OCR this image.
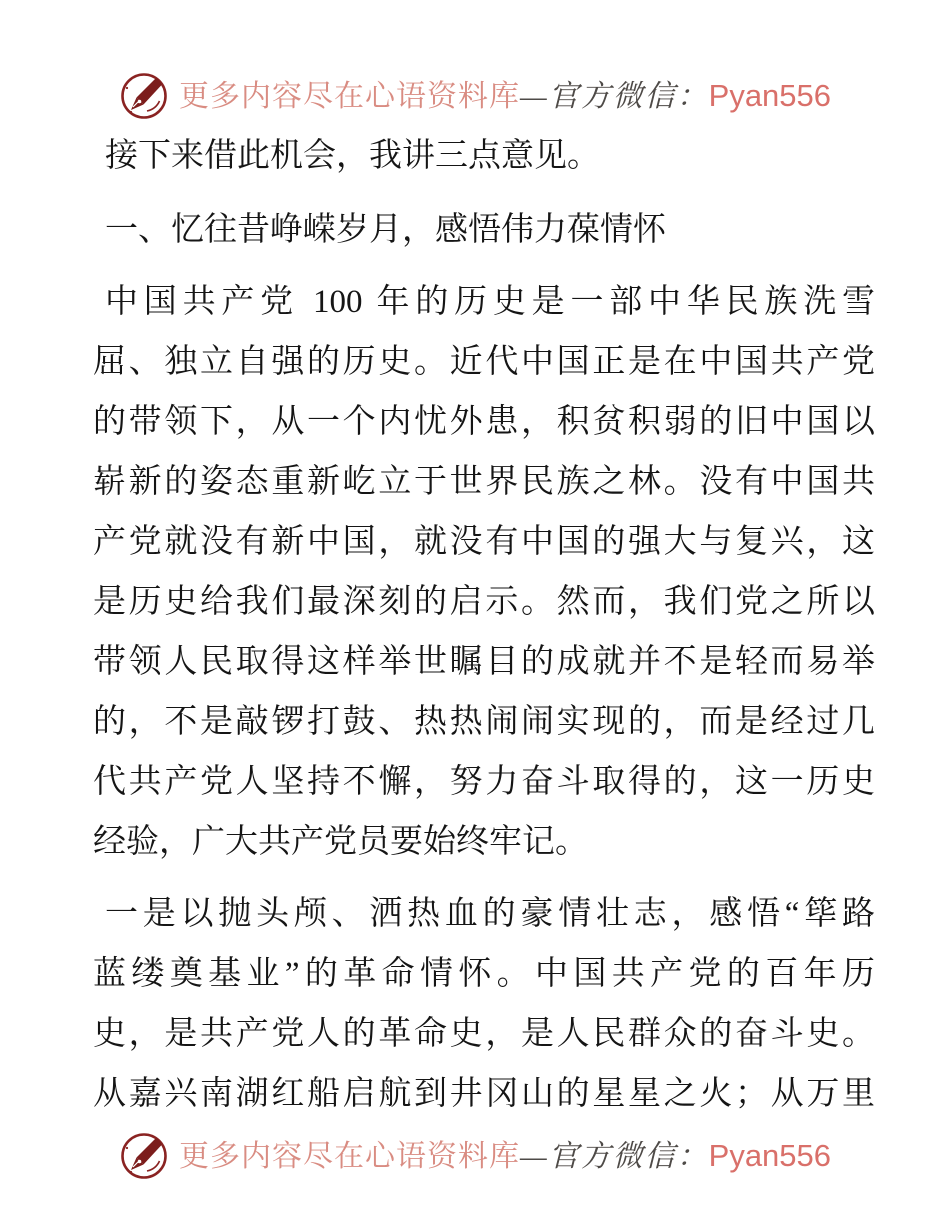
更多内容尽在心语资料库—官方微信：Pyan556
接下来借此机会，我讲三点意见。
一、忆往昔峥嵘岁月，感悟伟力葆情怀
中国共产党 100 年的历史是一部中华民族洗雪
屈、独立自强的历史。近代中国正是在中国共产党
的带领下，从一个内忧外患，积贫积弱的旧中国以
崭新的姿态重新屹立于世界民族之林。没有中国共
产党就没有新中国，就没有中国的强大与复兴，这
是历史给我们最深刻的启示。然而，我们党之所以
带领人民取得这样举世瞩目的成就并不是轻而易举
的，不是敲锣打鼓、热热闹闹实现的，而是经过几
代共产党人坚持不懈，努力奋斗取得的，这一历史
经验，广大共产党员要始终牢记。
一是以抛头颅、洒热血的豪情壮志，感悟“筚路
蓝缕奠基业”的革命情怀。中国共产党的百年历
史，是共产党人的革命史，是人民群众的奋斗史。
从嘉兴南湖红船启航到井冈山的星星之火；从万里
更多内容尽在心语资料库—官方微信：Pyan556
